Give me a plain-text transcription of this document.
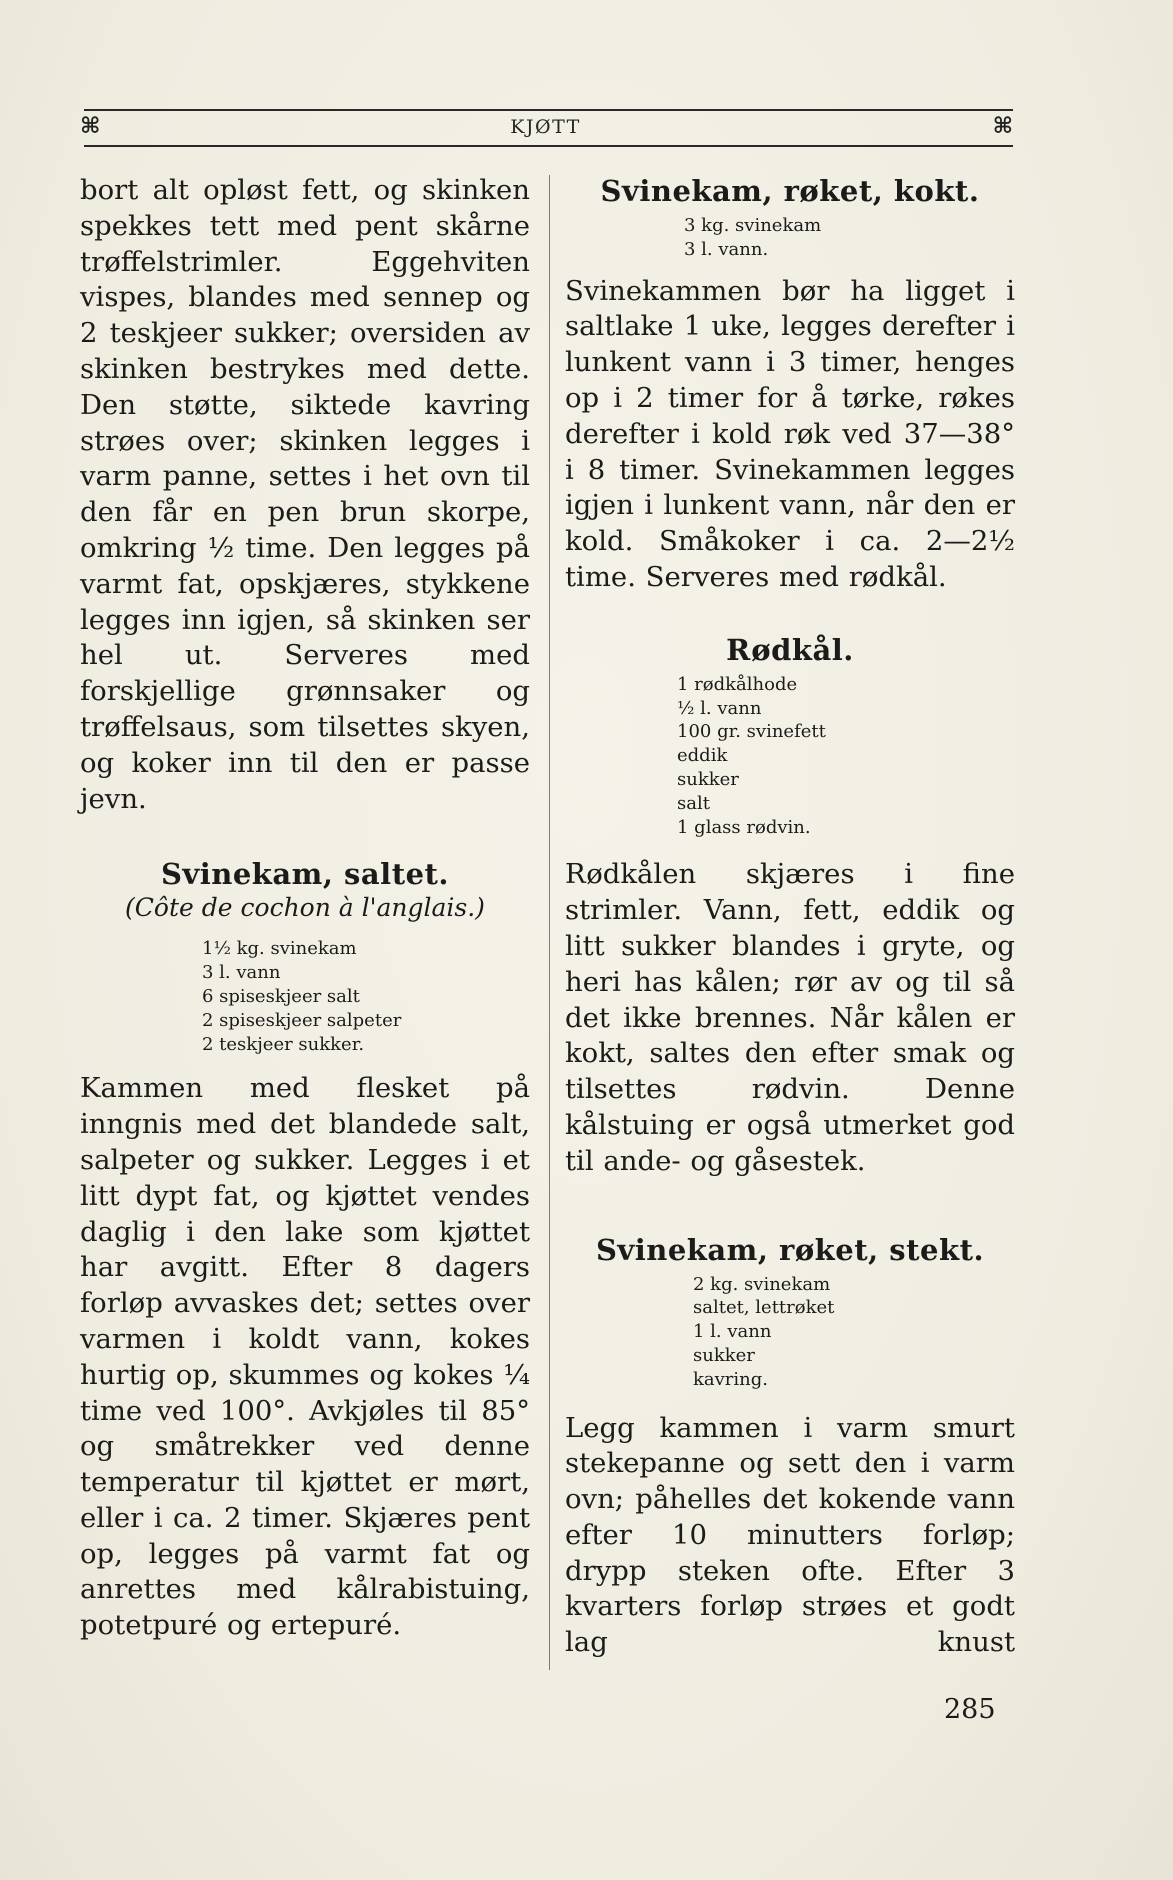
⌘	KJØTT	⌘

bort alt opløst fett, og skinken spekkes tett med pent skårne trøffelstrimler. Eggehviten vispes, blandes med sennep og 2 teskjeer sukker; oversiden av skinken bestrykes med dette. Den støtte, siktede kavring strøes over; skinken legges i varm panne, settes i het ovn til den får en pen brun skorpe, omkring ½ time. Den legges på varmt fat, opskjæres, stykkene legges inn igjen, så skinken ser hel ut. Serveres med forskjellige grønnsaker og trøffelsaus, som tilsettes skyen, og koker inn til den er passe jevn.

Svinekam, saltet.

(Côte de cochon à l'anglais.)

1½ kg. svinekam
3 l. vann
6 spiseskjeer salt
2 spiseskjeer salpeter
2 teskjeer sukker.

Kammen med flesket på inngnis med det blandede salt, salpeter og sukker. Legges i et litt dypt fat, og kjøttet vendes daglig i den lake som kjøttet har avgitt. Efter 8 dagers forløp avvaskes det; settes over varmen i koldt vann, kokes hurtig op, skummes og kokes ¼ time ved 100°. Avkjøles til 85° og småtrekker ved denne temperatur til kjøttet er mørt, eller i ca. 2 timer. Skjæres pent op, legges på varmt fat og anrettes med kålrabistuing, potetpuré og ertepuré.

Svinekam, røket, kokt.
3 kg. svinekam
3 l. vann.

Svinekammen bør ha ligget i saltlake 1 uke, legges derefter i lunkent vann i 3 timer, henges op i 2 timer for å tørke, røkes derefter i kold røk ved 37—38° i 8 timer. Svinekammen legges igjen i lunkent vann, når den er kold. Småkoker i ca. 2—2½ time. Serveres med rødkål.

Rødkål.
1 rødkålhode
½ l. vann
100 gr. svinefett
eddik
sukker
salt
1 glass rødvin.

Rødkålen skjæres i fine strimler. Vann, fett, eddik og litt sukker blandes i gryte, og heri has kålen; rør av og til så det ikke brennes. Når kålen er kokt, saltes den efter smak og tilsettes rødvin. Denne kålstuing er også utmerket god til ande- og gåsestek.

Svinekam, røket, stekt.
2 kg. svinekam
saltet, lettrøket
1 l. vann
sukker
kavring.

Legg kammen i varm smurt stekepanne og sett den i varm ovn; påhelles det kokende vann efter 10 minutters forløp; drypp steken ofte. Efter 3 kvarters forløp strøes et godt lag knust

285
